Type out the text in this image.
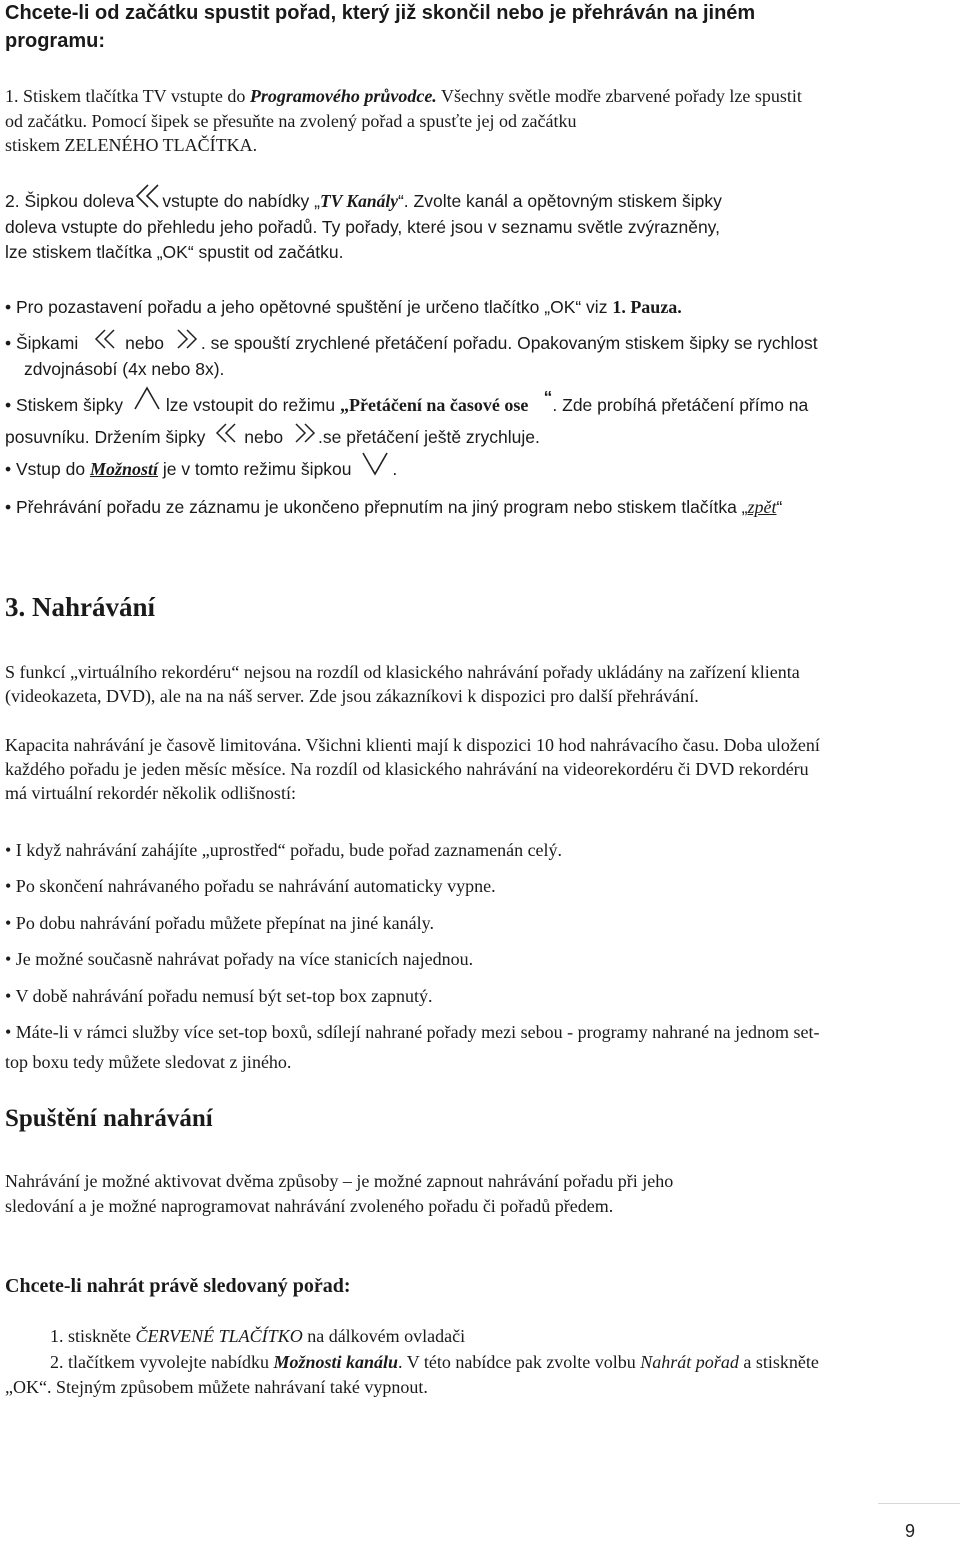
Chcete-li od začátku spustit pořad, který již skončil nebo je přehráván na jiném
programu:
1. Stiskem tlačítka TV vstupte do Programového průvodce. Všechny světle modře zbarvené pořady lze spustit
od začátku. Pomocí šipek se přesuňte na zvolený pořad a spusťte jej od začátku
stiskem ZELENÉHO TLAČÍTKA.
2. Šipkou doleva vstupte do nabídky „TV Kanály“. Zvolte kanál a opětovným stiskem šipky
doleva vstupte do přehledu jeho pořadů. Ty pořady, které jsou v seznamu světle zvýrazněny,
lze stiskem tlačítka „OK“ spustit od začátku.
• Pro pozastavení pořadu a jeho opětovné spuštění je určeno tlačítko „OK“ viz 1. Pauza.
• Šipkami	nebo . se spouští zrychlené přetáčení pořadu. Opakovaným stiskem šipky se rychlost
zdvojnásobí (4x nebo 8x).
• Stiskem šipky lze vstoupit do režimu „Přetáčení na časové ose “. Zde probíhá přetáčení přímo na
posuvníku. Držením šipky nebo .se přetáčení ještě zrychluje.
• Vstup do Možností je v tomto režimu šipkou .
• Přehrávání pořadu ze záznamu je ukončeno přepnutím na jiný program nebo stiskem tlačítka „zpět“
3. Nahrávání
S funkcí „virtuálního rekordéru“ nejsou na rozdíl od klasického nahrávání pořady ukládány na zařízení klienta
(videokazeta, DVD), ale na na náš server. Zde jsou zákazníkovi k dispozici pro další přehrávání.
Kapacita nahrávání je časově limitována. Všichni klienti mají k dispozici 10 hod nahrávacího času. Doba uložení
každého pořadu je jeden měsíc měsíce. Na rozdíl od klasického nahrávání na videorekordéru či DVD rekordéru
má virtuální rekordér několik odlišností:
• I když nahrávání zahájíte „uprostřed“ pořadu, bude pořad zaznamenán celý.
• Po skončení nahrávaného pořadu se nahrávání automaticky vypne.
• Po dobu nahrávání pořadu můžete přepínat na jiné kanály.
• Je možné současně nahrávat pořady na více stanicích najednou.
• V době nahrávání pořadu nemusí být set-top box zapnutý.
• Máte-li v rámci služby více set-top boxů, sdílejí nahrané pořady mezi sebou - programy nahrané na jednom set-
top boxu tedy můžete sledovat z jiného.
Spuštění nahrávání
Nahrávání je možné aktivovat dvěma způsoby – je možné zapnout nahrávání pořadu při jeho
sledování a je možné naprogramovat nahrávání zvoleného pořadu či pořadů předem.
Chcete-li nahrát právě sledovaný pořad:
1. stiskněte ČERVENÉ TLAČÍTKO na dálkovém ovladači
2. tlačítkem vyvolejte nabídku Možnosti kanálu. V této nabídce pak zvolte volbu Nahrát pořad a stiskněte
„OK“. Stejným způsobem můžete nahrávaní také vypnout.
9
